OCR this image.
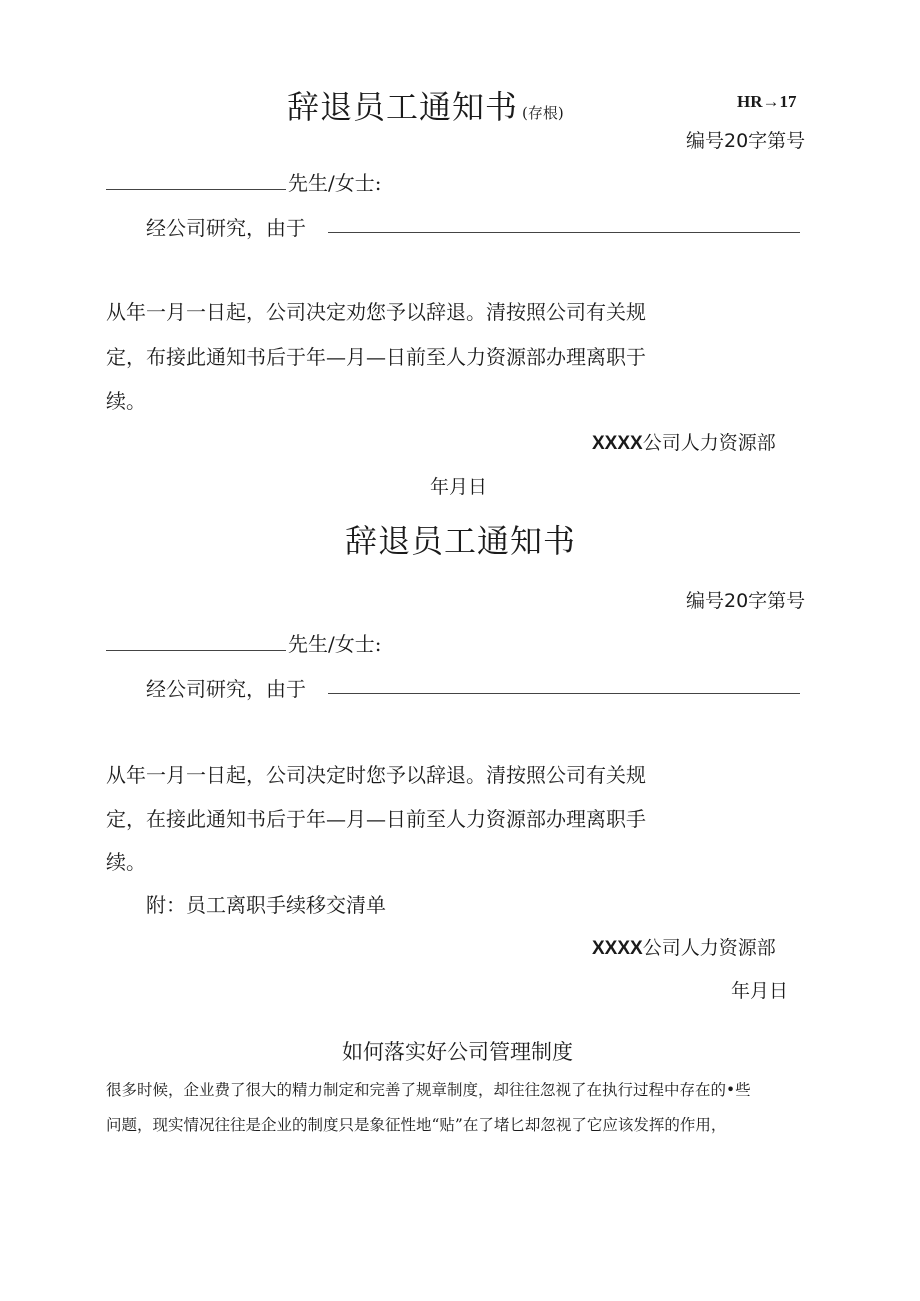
辞退员工通知书 (存根)
HR→17
编号20字第号
先生/女士:
经公司研究，由于
从年一月一日起，公司决定劝您予以辞退。清按照公司有关规
定，布接此通知书后于年—月—日前至人力资源部办理离职于
续。
XXXX公司人力资源部
年月日
辞退员工通知书
编号20字第号
先生/女士:
经公司研究，由于
从年一月一日起，公司决定时您予以辞退。清按照公司有关规
定，在接此通知书后于年—月—日前至人力资源部办理离职手
续。
附：员工离职手续移交清单
XXXX公司人力资源部
年月日
如何落实好公司管理制度
很多时候，企业费了很大的精力制定和完善了规章制度，却往往忽视了在执行过程中存在的•些
问题，现实情况往往是企业的制度只是象征性地“贴”在了堵匕却忽视了它应该发挥的作用，
